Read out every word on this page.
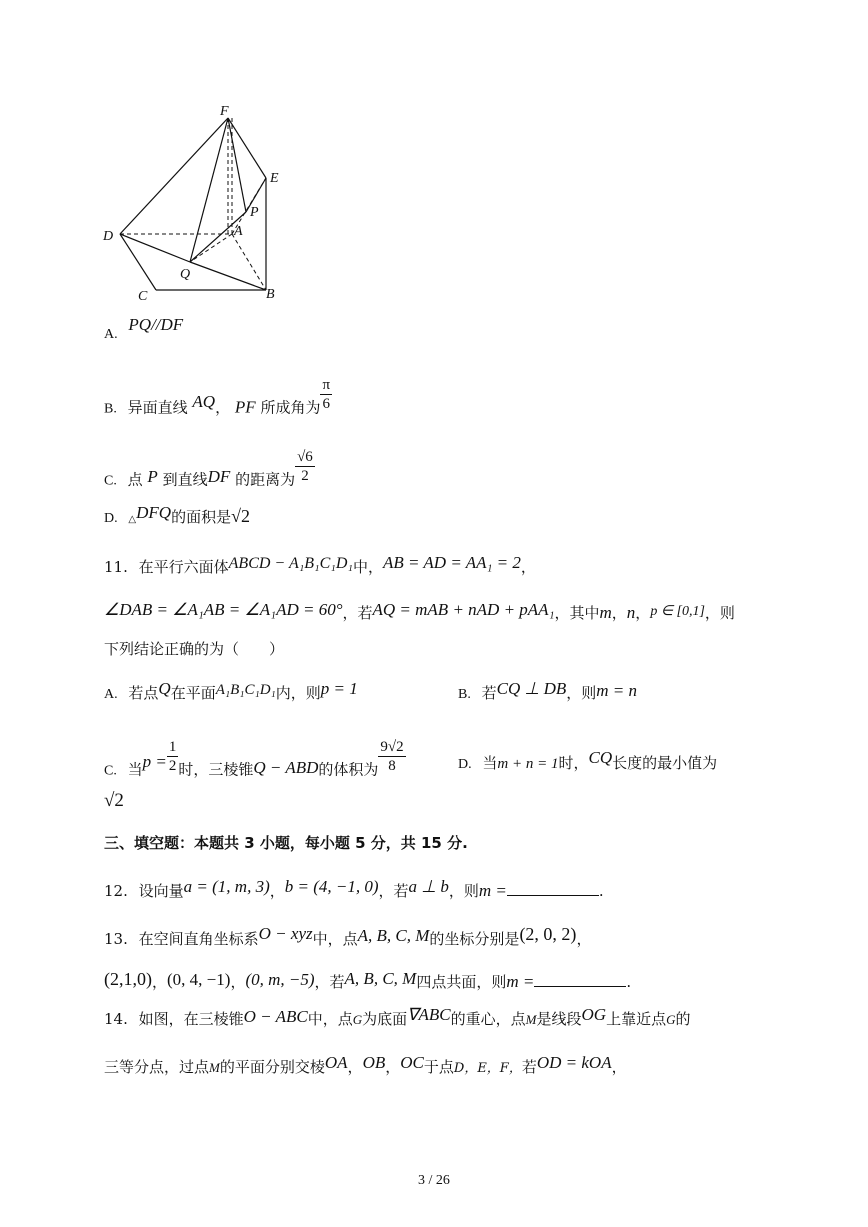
F
E
P
A
D
Q
C	B
A. PQ//DF
B. 异面直线 AQ， PF 所成角为 $\frac{\pi}{6}$
C. 点 P 到直线DF 的距离为 $\frac{√6}{2}$
D. △DFQ的面积是√2
11. 在平行六面体ABCD − A₁B₁C₁D₁中，AB = AD = AA₁ = 2，
∠DAB = ∠A₁AB = ∠A₁AD = 60°，若AQ = mAB + nAD + pAA₁，其中m，n，p ∈ [0,1]，则
下列结论正确的为（　　）
A. 若点Q在平面A₁B₁C₁D₁内，则p = 1	B. 若CQ ⊥ DB，则m = n
C. 当$p = \frac{1}{2}$ 时，三棱锥Q − ABD的体积为 $\frac{9√2}{8}$	D. 当m + n = 1时，CQ长度的最小值为
√2
三、填空题：本题共 3 小题，每小题 5 分，共 15 分.
12. 设向量a = (1, m, 3)，b = (4, −1, 0)，若a ⊥ b，则m =	.
13. 在空间直角坐标系O − xyz中，点A, B, C, M的坐标分别是(2, 0, 2)，
(2,1,0)，(0, 4, −1)，(0, m, −5)，若A, B, C, M四点共面，则m =	.
14. 如图，在三棱锥O − ABC中，点G为底面∇ABC的重心，点M是线段OG上靠近点G的
三等分点，过点M的平面分别交棱OA，OB，OC于点D，E，F，若OD = kOA，
3 / 26
